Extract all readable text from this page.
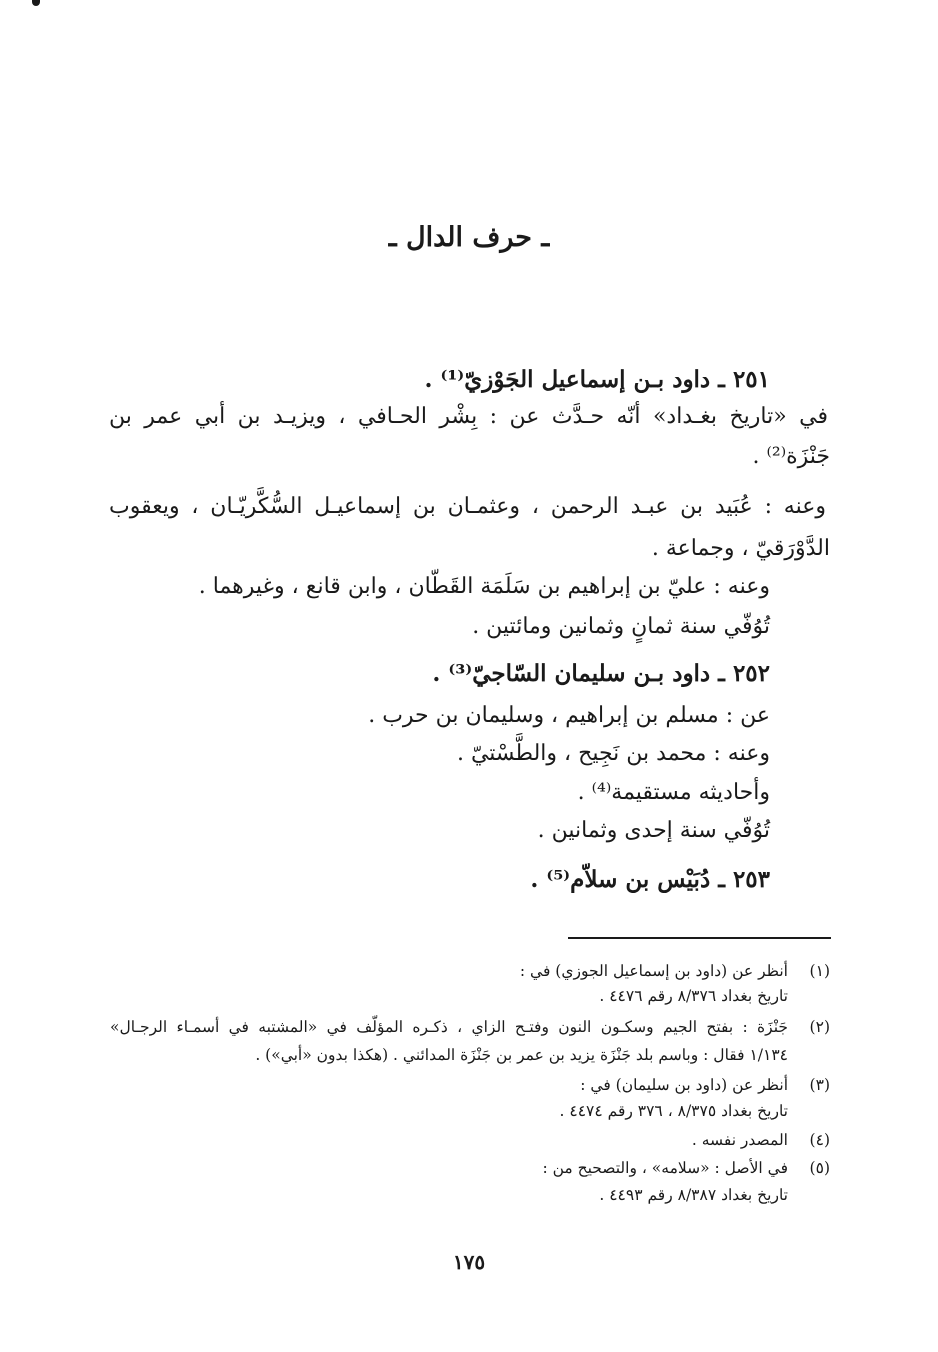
ـ حرف الدال ـ
٢٥١ ـ داود بـن إسماعيل الجَوْزيّ⁽¹⁾ .
في «تاريخ بغـداد» أنّه حـدَّث عن : بِشْر الحـافي ، ويزيـد بن أبي عمر بن
جَنْزَة⁽²⁾ .
وعنه : عُبَيد بن عبـد الرحمن ، وعثمـان بن إسماعيـل السُّكَّريّـان ، ويعقوب
الدَّوْرَقيّ ، وجماعة .
وعنه : عليّ بن إبراهيم بن سَلَمَة القَطّان ، وابن قانع ، وغيرهما .
تُوُفّي سنة ثمانٍ وثمانين ومائتين .
٢٥٢ ـ داود بـن سليمان السّاجيّ⁽³⁾ .
عن : مسلم بن إبراهيم ، وسليمان بن حرب .
وعنه : محمد بن نَجِيح ، والطَّسْتيّ .
وأحاديثه مستقيمة⁽⁴⁾ .
تُوُفّي سنة إحدى وثمانين .
٢٥٣ ـ دُبَيْس بن سلاّم⁽⁵⁾ .
(١)
أنظر عن (داود بن إسماعيل الجوزي) في :
تاريخ بغداد ٨/٣٧٦ رقم ٤٤٧٦ .
(٢)
جَنْزَة : بفتح الجيم وسكـون النون وفتـح الزاي ، ذكـره المؤلّف في «المشتبه في أسمـاء الرجـال»
١/١٣٤ فقال : وباسم بلد جَنْزَة يزيد بن عمر بن جَنْزَة المدائني . (هكذا بدون «أبي») .
(٣)
أنظر عن (داود بن سليمان) في :
تاريخ بغداد ٨/٣٧٥ ، ٣٧٦ رقم ٤٤٧٤ .
(٤)
المصدر نفسه .
(٥)
في الأصل : «سلامه» ، والتصحيح من :
تاريخ بغداد ٨/٣٨٧ رقم ٤٤٩٣ .
١٧٥
